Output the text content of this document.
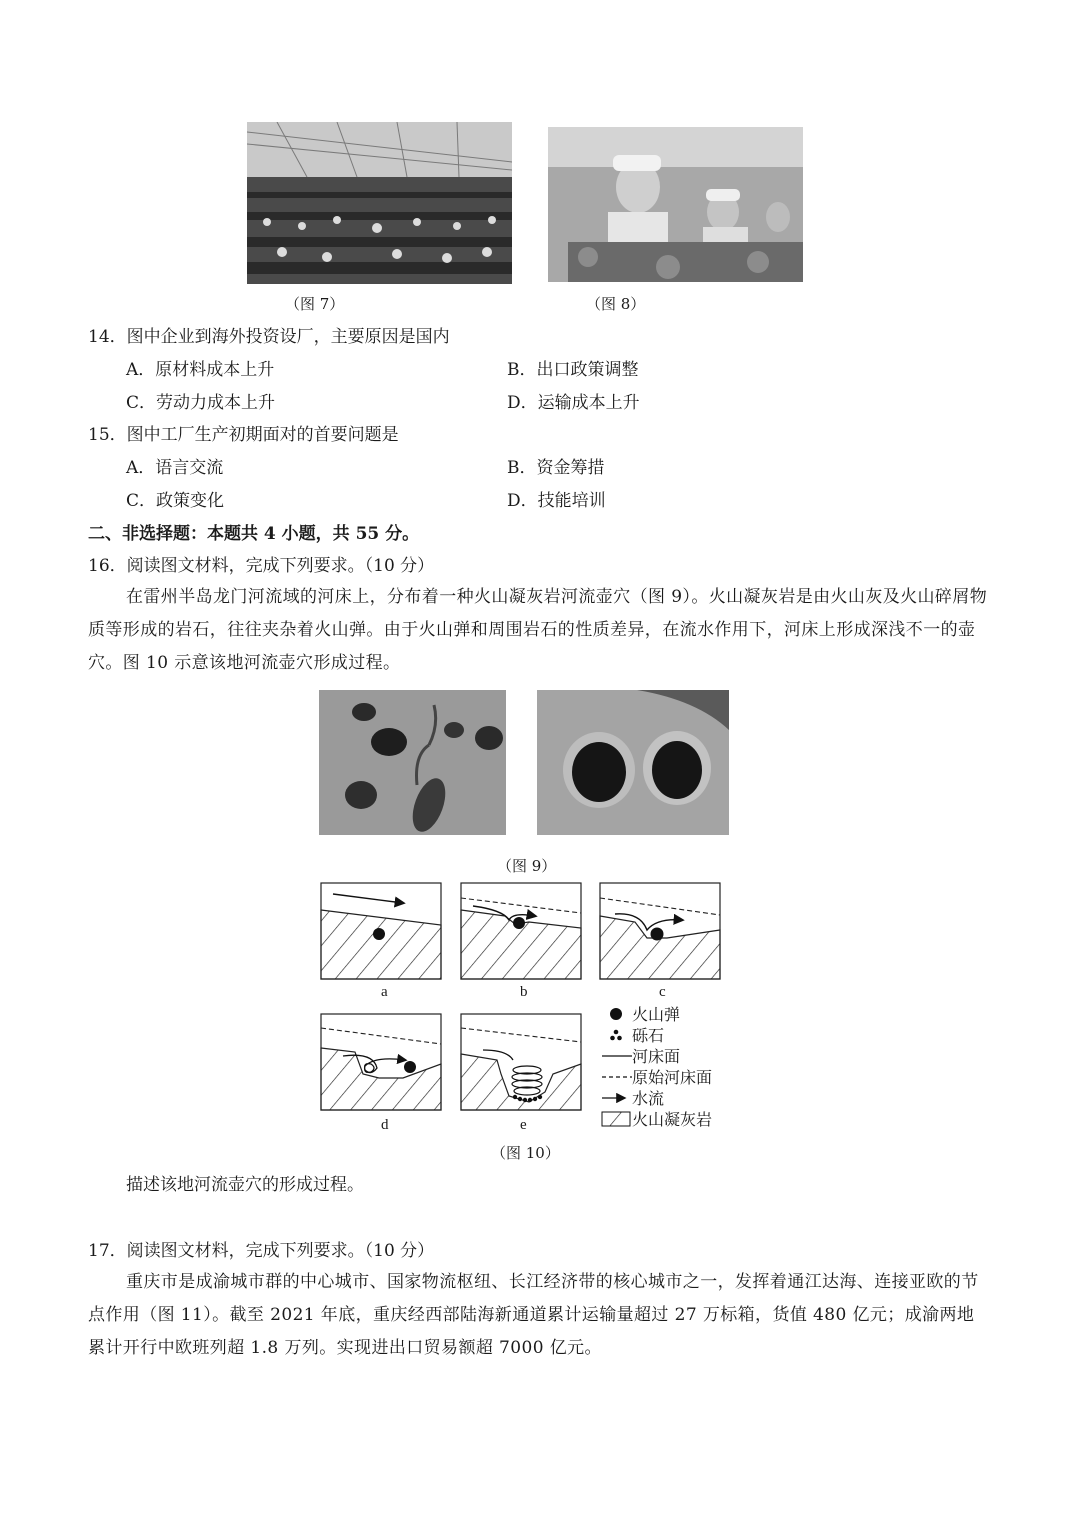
（图 7）	（图 8）
14．图中企业到海外投资设厂，主要原因是国内
A．原材料成本上升	B．出口政策调整
C．劳动力成本上升	D．运输成本上升
15．图中工厂生产初期面对的首要问题是
A．语言交流	B．资金筹措
C．政策变化	D．技能培训
二、非选择题：本题共 4 小题，共 55 分。
16．阅读图文材料，完成下列要求。（10 分）
在雷州半岛龙门河流域的河床上，分布着一种火山凝灰岩河流壶穴（图 9）。火山凝灰岩是由火山灰及火山碎屑物质等形成的岩石，往往夹杂着火山弹。由于火山弹和周围岩石的性质差异，在流水作用下，河床上形成深浅不一的壶穴。图 10 示意该地河流壶穴形成过程。
（图 9）
a	b	c
d	e
火山弹
砾石
河床面
原始河床面
水流
火山凝灰岩
（图 10）
描述该地河流壶穴的形成过程。
17．阅读图文材料，完成下列要求。（10 分）
重庆市是成渝城市群的中心城市、国家物流枢纽、长江经济带的核心城市之一，发挥着通江达海、连接亚欧的节点作用（图 11）。截至 2021 年底，重庆经西部陆海新通道累计运输量超过 27 万标箱，货值 480 亿元；成渝两地累计开行中欧班列超 1.8 万列。实现进出口贸易额超 7000 亿元。
